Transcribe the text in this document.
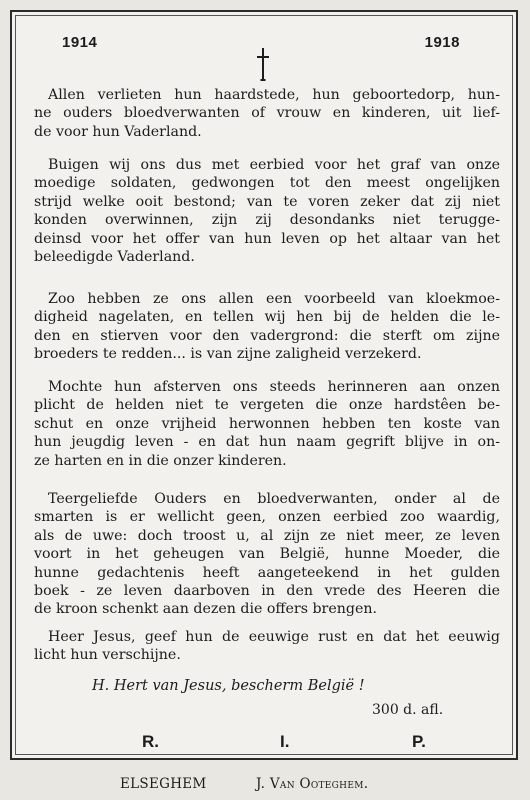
1914	1918

Allen verlieten hun haardstede, hun geboortedorp, hun-
ne ouders bloedverwanten of vrouw en kinderen, uit lief-
de voor hun Vaderland.

Buigen wij ons dus met eerbied voor het graf van onze
moedige soldaten, gedwongen tot den meest ongelijken
strijd welke ooit bestond; van te voren zeker dat zij niet
konden overwinnen, zijn zij desondanks niet terugge-
deinsd voor het offer van hun leven op het altaar van het
beleedigde Vaderland.

Zoo hebben ze ons allen een voorbeeld van kloekmoe-
digheid nagelaten, en tellen wij hen bij de helden die le-
den en stierven voor den vadergrond: die sterft om zijne
broeders te redden... is van zijne zaligheid verzekerd.

Mochte hun afsterven ons steeds herinneren aan onzen
plicht de helden niet te vergeten die onze hardstêen be-
schut en onze vrijheid herwonnen hebben ten koste van
hun jeugdig leven - en dat hun naam gegrift blijve in on-
ze harten en in die onzer kinderen.

Teergeliefde Ouders en bloedverwanten, onder al de
smarten is er wellicht geen, onzen eerbied zoo waardig,
als de uwe: doch troost u, al zijn ze niet meer, ze leven
voort in het geheugen van België, hunne Moeder, die
hunne gedachtenis heeft aangeteekend in het gulden
boek - ze leven daarboven in den vrede des Heeren die
de kroon schenkt aan dezen die offers brengen.

Heer Jesus, geef hun de eeuwige rust en dat het eeuwig
licht hun verschijne.

H. Hert van Jesus, bescherm België !
300 d. afl.
R.	I.	P.
ELSEGHEM	J. Van Ooteghem.
